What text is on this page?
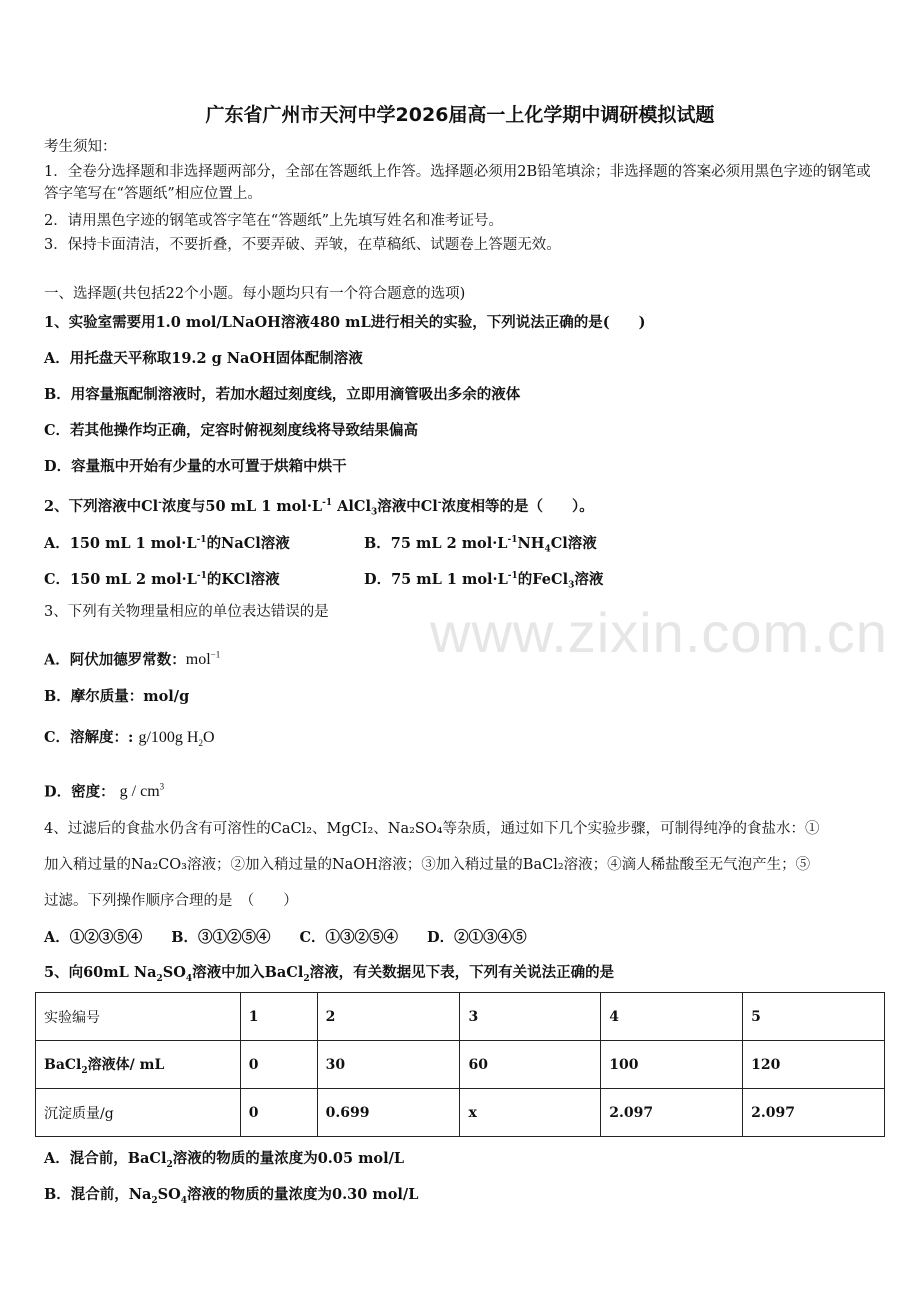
www.zixin.com.cn
广东省广州市天河中学2026届高一上化学期中调研模拟试题
考生须知：
1．全卷分选择题和非选择题两部分，全部在答题纸上作答。选择题必须用2B铅笔填涂；非选择题的答案必须用黑色字迹的钢笔或答字笔写在“答题纸”相应位置上。
2．请用黑色字迹的钢笔或答字笔在“答题纸”上先填写姓名和准考证号。
3．保持卡面清洁，不要折叠，不要弄破、弄皱，在草稿纸、试题卷上答题无效。
一、选择题(共包括22个小题。每小题均只有一个符合题意的选项)
1、实验室需要用1.0 mol/LNaOH溶液480 mL进行相关的实验，下列说法正确的是(　　)
A．用托盘天平称取19.2 g NaOH固体配制溶液
B．用容量瓶配制溶液时，若加水超过刻度线，立即用滴管吸出多余的液体
C．若其他操作均正确，定容时俯视刻度线将导致结果偏高
D．容量瓶中开始有少量的水可置于烘箱中烘干
2、下列溶液中Cl-浓度与50 mL 1 $mol\cdot L^{-1}$ AlCl$_3$溶液中Cl-浓度相等的是（　　）。
A．150 mL 1 $mol\cdot L^{-1}$的NaCl溶液	B．75 mL 2 $mol\cdot L^{-1}NH_4Cl$溶液
C．150 mL 2 $mol\cdot L^{-1}$的KCl溶液	D．75 mL 1 $mol\cdot L^{-1}$的FeCl$_3$溶液
3、下列有关物理量相应的单位表达错误的是
A．阿伏加德罗常数：mol$^{-1}$
B．摩尔质量：mol/g
C．溶解度：: g/100g $H_2O$
D．密度： g / $cm^3$
4、过滤后的食盐水仍含有可溶性的CaCl₂、MgCI₂、Na₂SO₄等杂质，通过如下几个实验步骤，可制得纯净的食盐水：①
加入稍过量的Na₂CO₃溶液；②加入稍过量的NaOH溶液；③加入稍过量的BaCl₂溶液；④滴人稀盐酸至无气泡产生；⑤
过滤。下列操作顺序合理的是　（　　）
A．①②③⑤④　　B．③①②⑤④　　C．①③②⑤④　　D．②①③④⑤
5、向60mL $Na_2SO_4$溶液中加入BaCl$_2$溶液，有关数据见下表，下列有关说法正确的是
实验编号	1	2	3	4	5
BaCl$_2$溶液体/ mL	0	30	60	100	120
沉淀质量/g	0	0.699	x	2.097	2.097
A．混合前，BaCl$_2$溶液的物质的量浓度为0.05 mol/L
B．混合前，$Na_2SO_4$溶液的物质的量浓度为0.30 mol/L
